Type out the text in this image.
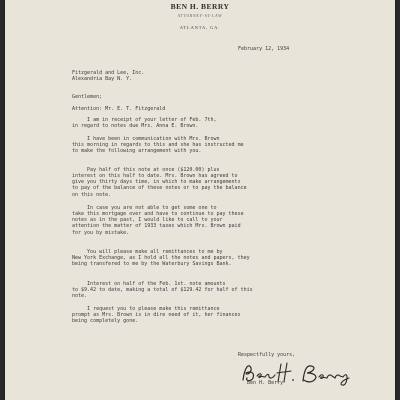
BEN H. BERRY
ATTORNEY-AT-LAW
ATLANTA, GA.
February 12, 1934
Fitzgerald and Lee, Inc.
Alexandria Bay N. Y.
Gentlemen;
Attention: Mr. E. T. Fitzgerald
I am in receipt of your letter of Feb. 7th,
in regard to notes due Mrs. Anna E. Brown.
I have been in communication with Mrs. Brown
this morning in regards to this and she has instructed me
to make the following arrangement with you.
Pay half of this note at once ($120.00) plus
interest on this half to date. Mrs. Brown has agreed to
give you thirty days time, in which to make arrangements
to pay of the balance of these notes or to pay the balance
on this note.
In case you are not able to get some one to
take this mortgage over and have to continue to pay these
notes as in the past, I would like to call to your
attention the matter of 1933 taxes which Mrs. Brown paid
for you by mistake.
You will please make all remittances to me by
New York Exchange, as I hold all the notes and papers, they
being transfered to me by the Waterbury Savings Bank.
Interest on half of the Feb. 1st. note amounts
to $9.42 to date, making a total of $129.42 for half of this
note.
I request you to please make this remittance
prompt as Mrs. Brown is in dire need of it, her finances
being completely gone.
Respectfully yours,
Ben H. Berry
